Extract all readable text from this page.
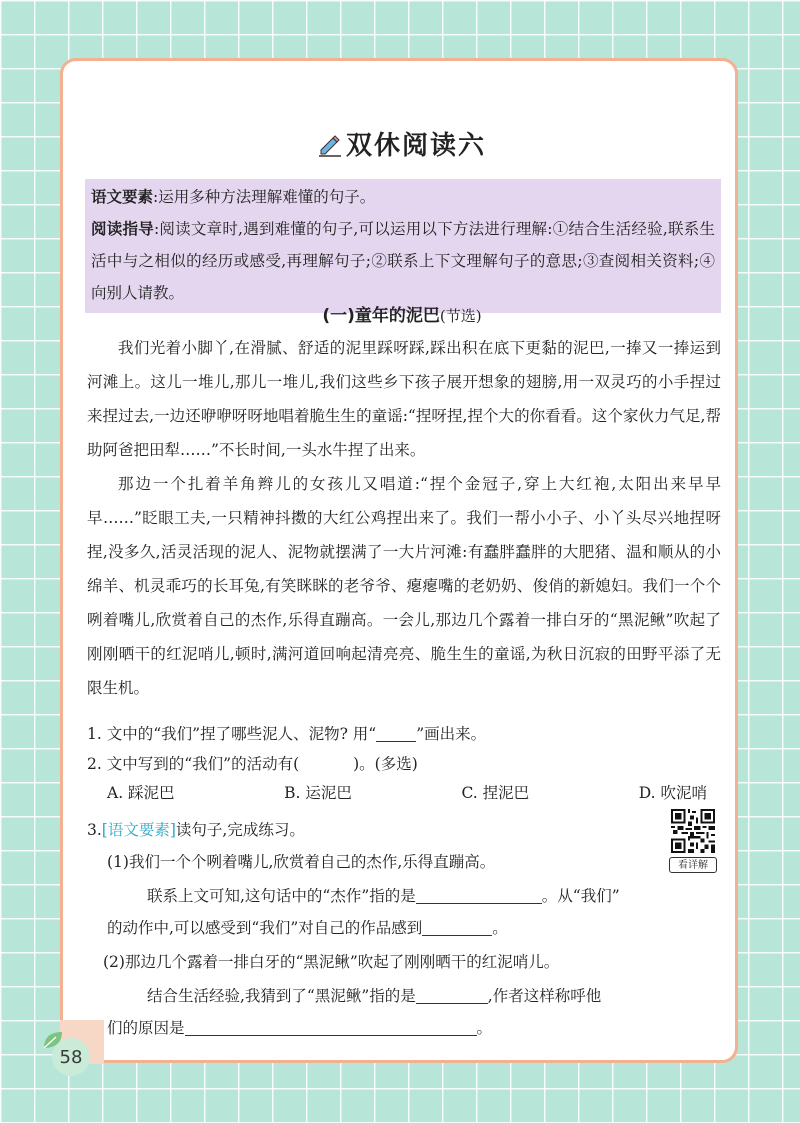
双休阅读六
语文要素:运用多种方法理解难懂的句子。
阅读指导:阅读文章时,遇到难懂的句子,可以运用以下方法进行理解:①结合生活经验,联系生活中与之相似的经历或感受,再理解句子;②联系上下文理解句子的意思;③查阅相关资料;④向别人请教。
(一)童年的泥巴(节选)

我们光着小脚丫,在滑腻、舒适的泥里踩呀踩,踩出积在底下更黏的泥巴,一捧又一捧运到河滩上。这儿一堆儿,那儿一堆儿,我们这些乡下孩子展开想象的翅膀,用一双灵巧的小手捏过来捏过去,一边还咿咿呀呀地唱着脆生生的童谣:“捏呀捏,捏个大的你看看。这个家伙力气足,帮助阿爸把田犁……”不长时间,一头水牛捏了出来。

那边一个扎着羊角辫儿的女孩儿又唱道:“捏个金冠子,穿上大红袍,太阳出来早早早……”眨眼工夫,一只精神抖擞的大红公鸡捏出来了。我们一帮小小子、小丫头尽兴地捏呀捏,没多久,活灵活现的泥人、泥物就摆满了一大片河滩:有蠢胖蠢胖的大肥猪、温和顺从的小绵羊、机灵乖巧的长耳兔,有笑眯眯的老爷爷、瘪瘪嘴的老奶奶、俊俏的新媳妇。我们一个个咧着嘴儿,欣赏着自己的杰作,乐得直蹦高。一会儿,那边几个露着一排白牙的“黑泥鳅”吹起了刚刚晒干的红泥哨儿,顿时,满河道回响起清亮亮、脆生生的童谣,为秋日沉寂的田野平添了无限生机。

1. 文中的“我们”捏了哪些泥人、泥物? 用“	”画出来。
2. 文中写到的“我们”的活动有(	)。(多选)
A. 踩泥巴	B. 运泥巴	C. 捏泥巴	D. 吹泥哨
3.[语文要素]读句子,完成练习。
看详解
(1)我们一个个咧着嘴儿,欣赏着自己的杰作,乐得直蹦高。
联系上文可知,这句话中的“杰作”指的是	。从“我们”
的动作中,可以感受到“我们”对自己的作品感到	。
(2)那边几个露着一排白牙的“黑泥鳅”吹起了刚刚晒干的红泥哨儿。
结合生活经验,我猜到了“黑泥鳅”指的是	,作者这样称呼他
们的原因是	。
58
